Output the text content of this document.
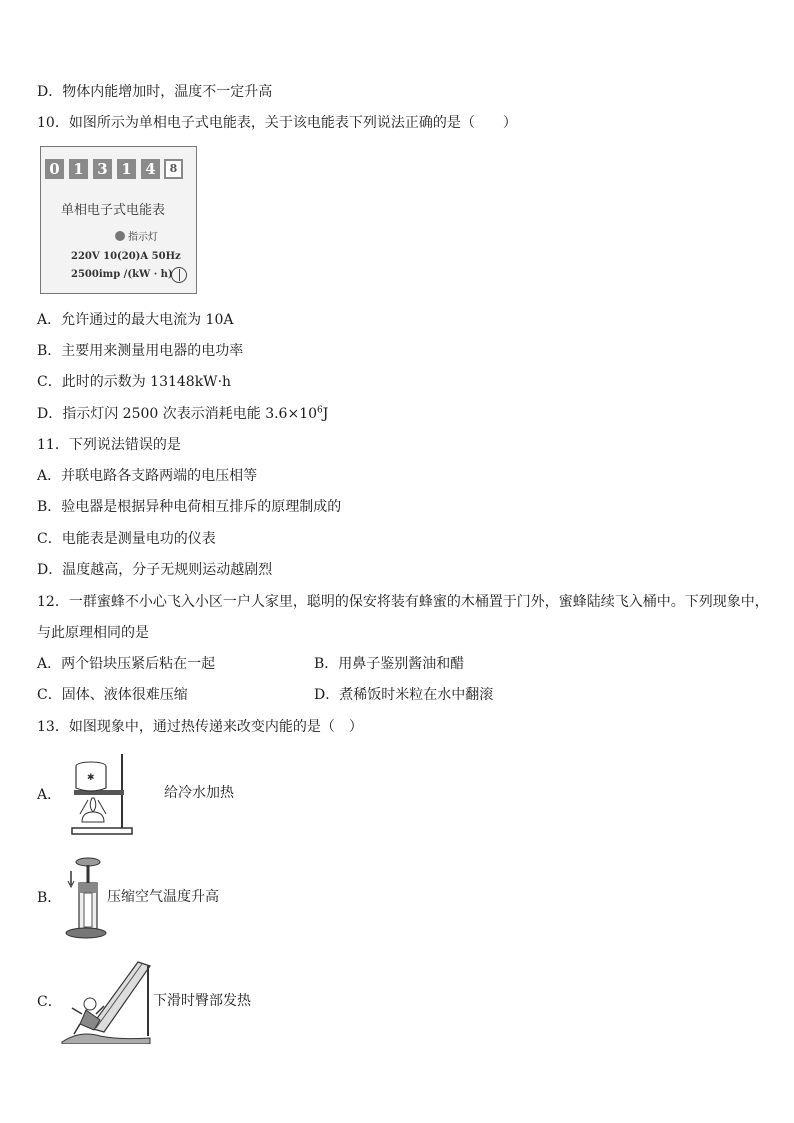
D．物体内能增加时，温度不一定升高
10．如图所示为单相电子式电能表，关于该电能表下列说法正确的是（　　）
0 1 3 1 4	8
单相电子式电能表
指示灯
220V 10(20)A 50Hz
2500imp /(kW · h)
A．允许通过的最大电流为 10A
B．主要用来测量用电器的电功率
C．此时的示数为 13148kW·h
D．指示灯闪 2500 次表示消耗电能 $3.6\times 10^6J$
11．下列说法错误的是
A．并联电路各支路两端的电压相等
B．验电器是根据异种电荷相互排斥的原理制成的
C．电能表是测量电功的仪表
D．温度越高，分子无规则运动越剧烈
12．一群蜜蜂不小心飞入小区一户人家里，聪明的保安将装有蜂蜜的木桶置于门外，蜜蜂陆续飞入桶中。下列现象中，
与此原理相同的是
A．两个铅块压紧后粘在一起	B．用鼻子鉴别酱油和醋
C．固体、液体很难压缩	D．煮稀饭时米粒在水中翻滚
13．如图现象中，通过热传递来改变内能的是（　）
A．
✱
给冷水加热
B．	压缩空气温度升高
C．	下滑时臀部发热
